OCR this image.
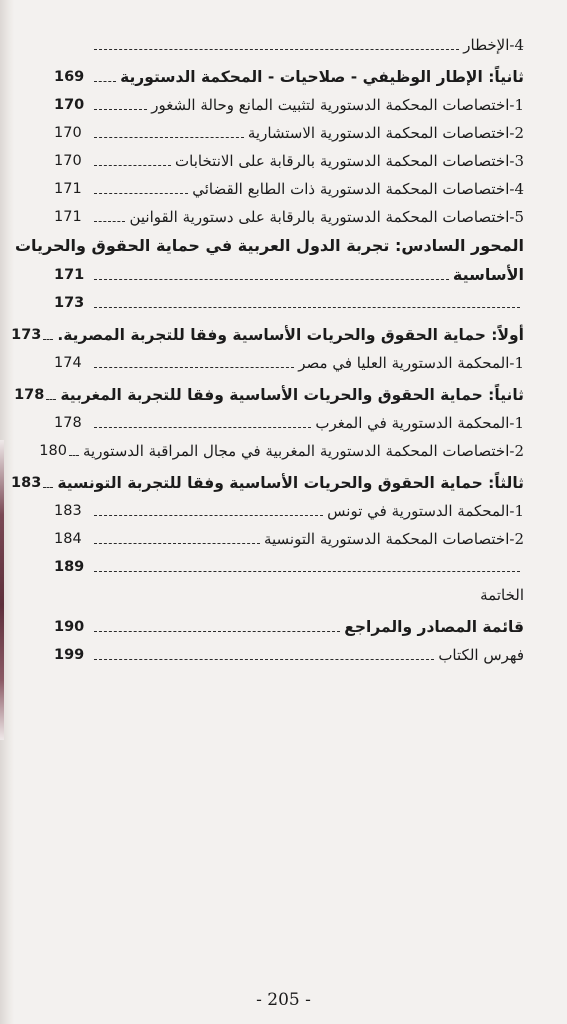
4-الإخطار
ثانياً: الإطار الوظيفي - صلاحيات - المحكمة الدستورية
169
1-اختصاصات المحكمة الدستورية لتثبيت المانع وحالة الشغور
170
2-اختصاصات المحكمة الدستورية الاستشارية
170
3-اختصاصات المحكمة الدستورية بالرقابة على الانتخابات
170
4-اختصاصات المحكمة الدستورية ذات الطابع القضائي
171
5-اختصاصات المحكمة الدستورية بالرقابة على دستورية القوانين
171
المحور السادس: تجربة الدول العربية في حماية الحقوق والحريات
الأساسية
171
173
أولاً: حماية الحقوق والحريات الأساسية وفقا للتجربة المصرية.
173
1-المحكمة الدستورية العليا في مصر
174
ثانياً: حماية الحقوق والحريات الأساسية وفقا للتجربة المغربية
178
1-المحكمة الدستورية في المغرب
178
2-اختصاصات المحكمة الدستورية المغربية في مجال المراقبة الدستورية
180
ثالثاً: حماية الحقوق والحريات الأساسية وفقا للتجربة التونسية
183
1-المحكمة الدستورية في تونس
183
2-اختصاصات المحكمة الدستورية التونسية
184
189
الخاتمة
قائمة المصادر والمراجع
190
فهرس الكتاب
199
- 205 -
